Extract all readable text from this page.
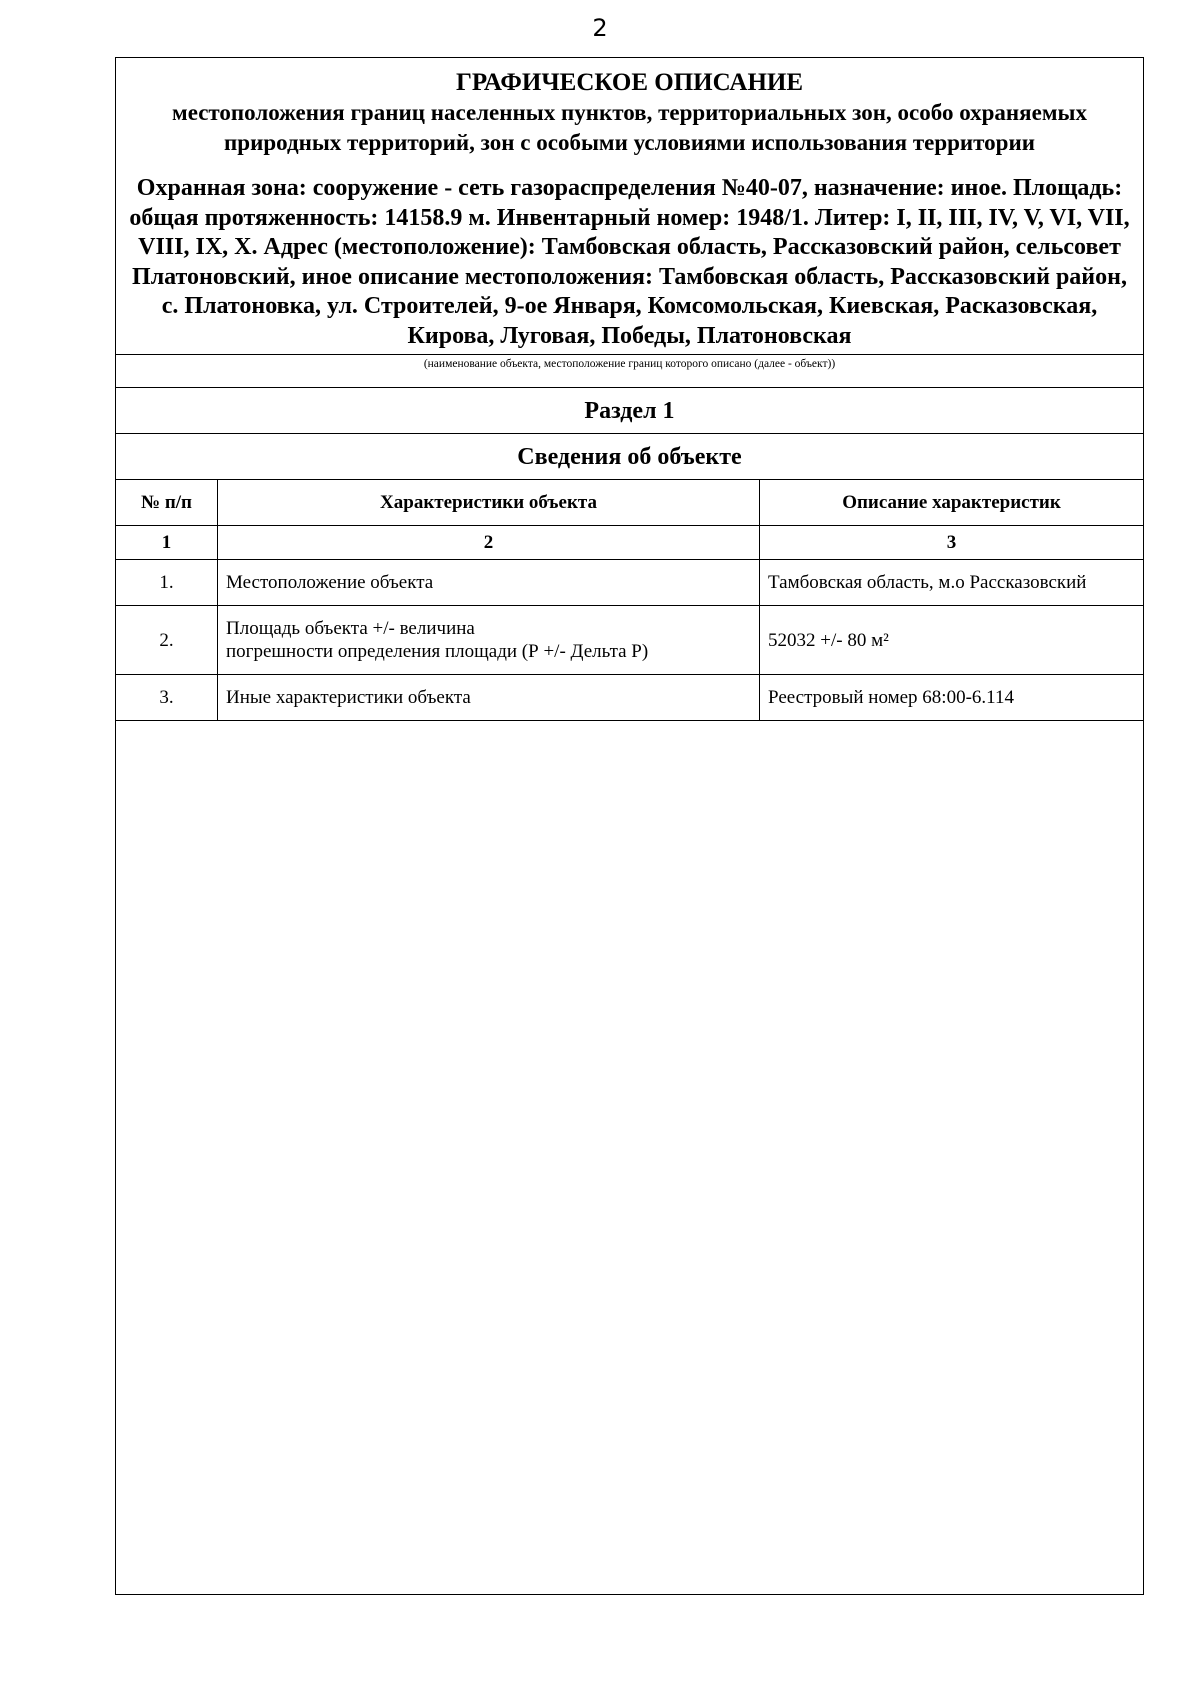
2
ГРАФИЧЕСКОЕ ОПИСАНИЕ
местоположения границ населенных пунктов, территориальных зон, особо охраняемых природных территорий, зон с особыми условиями использования территории
Охранная зона: сооружение - сеть газораспределения №40-07, назначение: иное. Площадь: общая протяженность: 14158.9 м. Инвентарный номер: 1948/1. Литер: I, II, III, IV, V, VI, VII, VIII, IX, X. Адрес (местоположение): Тамбовская область, Рассказовский район, сельсовет Платоновский, иное описание местоположения: Тамбовская область, Рассказовский район, с. Платоновка, ул. Строителей, 9-ое Января, Комсомольская, Киевская, Расказовская, Кирова, Луговая, Победы, Платоновская
(наименование объекта, местоположение границ которого описано (далее - объект))
Раздел 1
Сведения об объекте
№ п/п	Характеристики объекта	Описание характеристик
1	2	3
1.	Местоположение объекта	Тамбовская область, м.о Рассказовский
2.	Площадь объекта +/- величина
погрешности определения площади (Р +/- Дельта Р)	52032 +/- 80 м²
3.	Иные характеристики объекта	Реестровый номер 68:00-6.114
